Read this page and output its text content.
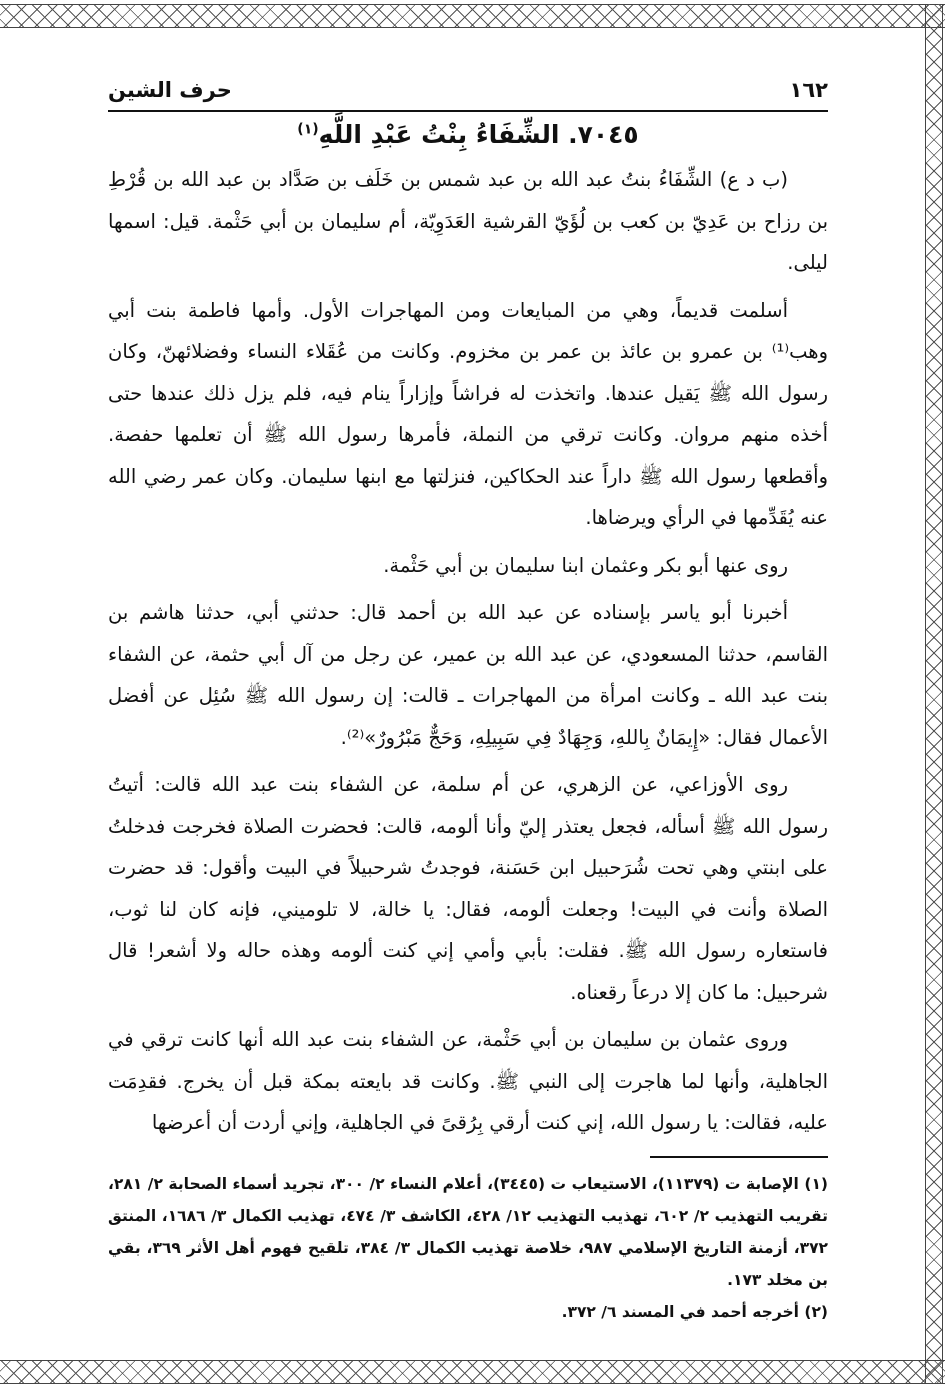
١٦٢
حرف الشين
٧٠٤٥. الشِّفَاءُ بِنْتُ عَبْدِ اللَّهِ$^{(١)}$

(ب د ع) الشِّفَاءُ بنتُ عبد الله بن عبد شمس بن خَلَف بن صَدَّاد بن عبد الله بن قُرْطِ بن رزاح بن عَدِيّ بن كعب بن لُؤَيّ القرشية العَدَوِيّة، أم سليمان بن أبي حَثْمة. قيل: اسمها ليلى.

أسلمت قديماً، وهي من المبايعات ومن المهاجرات الأول. وأمها فاطمة بنت أبي وهب⁽¹⁾ بن عمرو بن عائذ بن عمر بن مخزوم. وكانت من عُقَلاء النساء وفضلائهنّ، وكان رسول الله ﷺ يَقيل عندها. واتخذت له فراشاً وإزاراً ينام فيه، فلم يزل ذلك عندها حتى أخذه منهم مروان. وكانت ترقي من النملة، فأمرها رسول الله ﷺ أن تعلمها حفصة. وأقطعها رسول الله ﷺ داراً عند الحكاكين، فنزلتها مع ابنها سليمان. وكان عمر رضي الله عنه يُقَدِّمها في الرأي ويرضاها.

روى عنها أبو بكر وعثمان ابنا سليمان بن أبي حَثْمة.

أخبرنا أبو ياسر بإسناده عن عبد الله بن أحمد قال: حدثني أبي، حدثنا هاشم بن القاسم، حدثنا المسعودي، عن عبد الله بن عمير، عن رجل من آل أبي حثمة، عن الشفاء بنت عبد الله ـ وكانت امرأة من المهاجرات ـ قالت: إن رسول الله ﷺ سُئِل عن أفضل الأعمال فقال: «إِيمَانٌ بِاللهِ، وَجِهَادٌ فِي سَبِيلِهِ، وَحَجٌّ مَبْرُورٌ»⁽²⁾.

روى الأوزاعي، عن الزهري، عن أم سلمة، عن الشفاء بنت عبد الله قالت: أتيتُ رسول الله ﷺ أسأله، فجعل يعتذر إليّ وأنا ألومه، قالت: فحضرت الصلاة فخرجت فدخلتُ على ابنتي وهي تحت شُرَحبيل ابن حَسَنة، فوجدتُ شرحبيلاً في البيت وأقول: قد حضرت الصلاة وأنت في البيت! وجعلت ألومه، فقال: يا خالة، لا تلوميني، فإنه كان لنا ثوب، فاستعاره رسول الله ﷺ. فقلت: بأبي وأمي إني كنت ألومه وهذه حاله ولا أشعر! قال شرحبيل: ما كان إلا درعاً رقعناه.

وروى عثمان بن سليمان بن أبي حَثْمة، عن الشفاء بنت عبد الله أنها كانت ترقي في الجاهلية، وأنها لما هاجرت إلى النبي ﷺ. وكانت قد بايعته بمكة قبل أن يخرج. فقدِمَت عليه، فقالت: يا رسول الله، إني كنت أرقي بِرُقىً في الجاهلية، وإني أردت أن أعرضها

(١) الإصابة ت (١١٣٧٩)، الاستيعاب ت (٣٤٤٥)، أعلام النساء ٢/ ٣٠٠، تجريد أسماء الصحابة ٢/ ٢٨١، تقريب التهذيب ٢/ ٦٠٢، تهذيب التهذيب ١٢/ ٤٢٨، الكاشف ٣/ ٤٧٤، تهذيب الكمال ٣/ ١٦٨٦، المنتق ٣٧٢، أزمنة التاريخ الإسلامي ٩٨٧، خلاصة تهذيب الكمال ٣/ ٣٨٤، تلقيح فهوم أهل الأثر ٣٦٩، بقي بن مخلد ١٧٣.

(٢) أخرجه أحمد في المسند ٦/ ٣٧٢.
